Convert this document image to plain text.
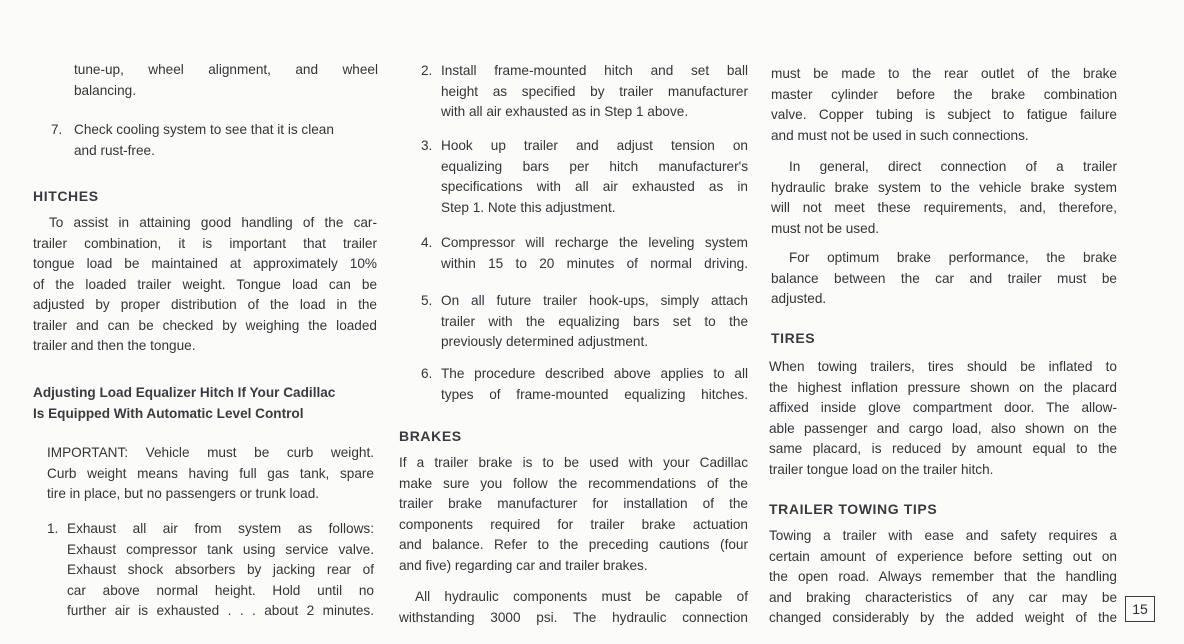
tune-up, wheel alignment, and wheel
balancing.
7. Check cooling system to see that it is clean
and rust-free.
HITCHES
To assist in attaining good handling of the car-
trailer combination, it is important that trailer
tongue load be maintained at approximately 10%
of the loaded trailer weight. Tongue load can be
adjusted by proper distribution of the load in the
trailer and can be checked by weighing the loaded
trailer and then the tongue.
Adjusting Load Equalizer Hitch If Your Cadillac
Is Equipped With Automatic Level Control
IMPORTANT: Vehicle must be curb weight.
Curb weight means having full gas tank, spare
tire in place, but no passengers or trunk load.
1. Exhaust all air from system as follows:
Exhaust compressor tank using service valve.
Exhaust shock absorbers by jacking rear of
car above normal height. Hold until no
further air is exhausted . . . about 2 minutes.
2. Install frame-mounted hitch and set ball
height as specified by trailer manufacturer
with all air exhausted as in Step 1 above.
3. Hook up trailer and adjust tension on
equalizing bars per hitch manufacturer's
specifications with all air exhausted as in
Step 1. Note this adjustment.
4. Compressor will recharge the leveling system
within 15 to 20 minutes of normal driving.
5. On all future trailer hook-ups, simply attach
trailer with the equalizing bars set to the
previously determined adjustment.
6. The procedure described above applies to all
types of frame-mounted equalizing hitches.
BRAKES
If a trailer brake is to be used with your Cadillac
make sure you follow the recommendations of the
trailer brake manufacturer for installation of the
components required for trailer brake actuation
and balance. Refer to the preceding cautions (four
and five) regarding car and trailer brakes.
All hydraulic components must be capable of
withstanding 3000 psi. The hydraulic connection
must be made to the rear outlet of the brake
master cylinder before the brake combination
valve. Copper tubing is subject to fatigue failure
and must not be used in such connections.
In general, direct connection of a trailer
hydraulic brake system to the vehicle brake system
will not meet these requirements, and, therefore,
must not be used.
For optimum brake performance, the brake
balance between the car and trailer must be
adjusted.
TIRES
When towing trailers, tires should be inflated to
the highest inflation pressure shown on the placard
affixed inside glove compartment door. The allow-
able passenger and cargo load, also shown on the
same placard, is reduced by amount equal to the
trailer tongue load on the trailer hitch.
TRAILER TOWING TIPS
Towing a trailer with ease and safety requires a
certain amount of experience before setting out on
the open road. Always remember that the handling
and braking characteristics of any car may be
changed considerably by the added weight of the
15
